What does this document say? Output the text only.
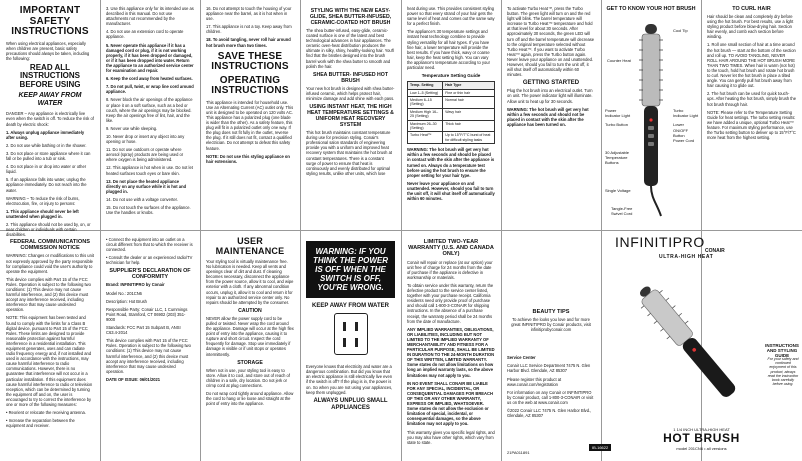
IMPORTANT SAFETY INSTRUCTIONS

When using electrical appliances, especially when children are present, basic safety precautions should always be taken, including the following:

READ ALL INSTRUCTIONS BEFORE USING
KEEP AWAY FROM WATER

DANGER – Any appliance is electrically live even when the switch is off. To reduce the risk of death by electric shock:

1. Always unplug appliance immediately after using.

2. Do not use while bathing or in the shower.

3. Do not place or store appliance where it can fall or be pulled into a tub or sink.

4. Do not place in or drop into water or other liquid.

5. If an appliance falls into water, unplug the appliance immediately. Do not reach into the water.

WARNING – To reduce the risk of burns, electrocution, fire, or injury to persons:

1. This appliance should never be left unattended when plugged in.

2. This appliance should not be used by, on, or near children or individuals with certain disabilities.

3. Use this appliance only for its intended use as described in this manual. Do not use attachments not recommended by the manufacturer.

4. Do not use an extension cord to operate appliance.

5. Never operate this appliance if it has a damaged cord or plug, if it is not working properly, if it has been dropped or damaged, or if it has been dropped into water. Return the appliance to an authorized service center for examination and repair.

6. Keep the cord away from heated surfaces.

7. Do not pull, twist, or wrap line cord around appliance.

8. Never block the air openings of the appliance or place it on a soft surface, such as a bed or couch, where the air openings may be blocked. Keep the air openings free of lint, hair, and the like.

9. Never use while sleeping.

10. Never drop or insert any object into any opening or hose.

11. Do not use outdoors or operate where aerosol (spray) products are being used or where oxygen is being administered.

12. This appliance is hot when in use. Do not let heated surfaces touch eyes or bare skin.

13. Do not place the heated appliance directly on any surface while it is hot and plugged in.

14. Do not use with a voltage converter.

15. Do not touch the surfaces of the appliance. Use the handles or knobs.

16. Do not attempt to touch the housing of your appliance near the barrel, as it is hot when in use.

17. This appliance is not a toy. Keep away from children.

18. To avoid tangling, never roll hair around hot brush more than two times.

SAVE THESE INSTRUCTIONS
OPERATING INSTRUCTIONS

This appliance is intended for household use. Use an Alternating Current (AC) outlet only. This unit is designed to be operated on 120 volts AC. This appliance has a polarized plug (one blade is wider than the other). As a safety feature, this plug will fit in a polarized outlet only one way. If the plug does not fit fully in the outlet, reverse the plug. If it still does not fit, contact a qualified electrician. Do not attempt to defeat this safety feature.

NOTE: Do not use this styling appliance on hair extensions.

STYLING WITH THE NEW EASY-GLIDE, SHEA BUTTER-INFUSED, CERAMIC-COATED HOT BRUSH

The shea butter-infused, easy-glide, ceramic-coated surface is one of the latest and best technological advances in hair appliances. The ceramic oven-heat distribution produces the ultimate in silky, shiny, healthy-looking hair. You'll find that the bristles designed into the brush barrel work with the shea butter to smooth and polish the hair.

SHEA BUTTER- INFUSED HOT BRUSH

Your new hot brush is designed with shea butter-infused ceramic, which helps protect hair, minimize damage and add shine with each pass.

USING INSTANT HEAT, THE HIGH HEAT TEMPERATURE SETTINGS & UNIFORM HEAT RECOVERY SYSTEM

This hot brush maintains constant temperature during use for precision styling. Conair's professional salon standards of engineering provide you with a uniform and improved heat recovery system that maintains the hot brush at constant temperatures. There is a constant surge of power to ensure that heat is continuously and evenly distributed for optimal styling results, unlike other units, which lose

heat during use. This provides consistent styling power so that every strand of your hair gets the same level of heat and comes out the same way for a perfect finish.

The appliance's 30 temperature settings and instant heat technology combine to provide styling versatility for all hair types. If you have fine hair, a lower temperature will provide the best results. If you have thick, wavy or coarse hair, keep the heat setting high. You can vary the appliance's temperature according to your particular need.

Temperature Setting Guide
Temp. Setting	Hair Type
Low 1–5 (Setting)	Fine or thin hair
Medium 6–15 (Setting)	Normal hair
Medium High 16–25 (Setting)	Wavy hair
Maximum 26–30 (Setting)	Thick hair
Turbo Heat™	Up to 15°F/7°C burst of heat for difficult styling tasks

WARNING: The hot brush will get very hot within a few seconds and should be placed in contact with the skin after the appliance is turned on. Always do a temperature test before using the hot brush to ensure the proper setting for your hair type.

Never leave your appliance on and unattended. However, should you fail to turn the unit off, it will shut itself off automatically within 60 minutes.

To activate Turbo Heat™, press the Turbo button. The green light will turn on and the red light will blink. The barrel temperature will increase to Turbo Heat™ temperature and hold at that level for about 30 seconds. After approximately 30 seconds, the green LED will turn off and the barrel temperature will decrease to the original temperature selected without Turbo Heat™. If you want to activate Turbo Heat™ again, press the Turbo button again. Never leave your appliance on and unattended. However, should you fail to turn the unit off, it will shut itself off automatically within 60 minutes.

GETTING STARTED

Plug the hot brush into an electrical outlet. Turn on unit. The power indicator light will illuminate. Allow unit to heat up for 30 seconds.

WARNING: The hot brush will get very hot within a few seconds and should not be placed in contact with the skin after the appliance has been turned on.

GET TO KNOW YOUR HOT BRUSH
Cool Tip
Counter Heat
Power Indicator Light
Turbo Button
Turbo Indicator Light
Lower
ON/OFF Button
Power Cord
30 Adjustable Temperature Buttons
Single Voltage
Tangle-Free Swivel Cord
TO CURL HAIR

Hair should be clean and completely dry before using the hot brush. For best results, use a light styling product before blow-drying hair. Section hair evenly, and comb each section before winding.

1. Roll one small section of hair at a time around the hot brush — start at the bottom of the section and roll up. TO AVOID TANGLING, NEVER ROLL HAIR AROUND THE HOT BRUSH MORE THAN TWO TIMES. When hair is warm (not hot) to the touch, hold hot brush and rotate hot brush to curl. Never let the hot brush in place a tilted angle. You can gently pull hot brush away from hair causing it to glide out.

2. The hot brush can be used for quick touch-ups. After heating the hot brush, simply brush the hot brush through hair.

NOTE: Please refer to the Temperature Setting Guide for heat settings. The turbo setting results: we have added a unique, optional Turbo Heat™ feature. For maximum styling performance, use the Turbo setting button to deliver up to 15°F/7°C more heat from the highest setting.

FEDERAL COMMUNICATIONS COMMISSION NOTICE

WARNING: Changes or modifications to this unit not expressly approved by the party responsible for compliance could void the user's authority to operate the equipment.

This device complies with Part 15 of the FCC Rules. Operation is subject to the following two conditions: (1) This device may not cause harmful interference, and (2) this device must accept any interference received, including interference that may cause undesired operation.

NOTE: This equipment has been tested and found to comply with the limits for a Class B digital device, pursuant to Part 15 of the FCC Rules. These limits are designed to provide reasonable protection against harmful interference in a residential installation. This equipment generates, uses and can radiate radio frequency energy and, if not installed and used in accordance with the instructions, may cause harmful interference to radio communications. However, there is no guarantee that interference will not occur in a particular installation. If this equipment does cause harmful interference to radio or television reception, which can be determined by turning the equipment off and on, the user is encouraged to try to correct the interference by one or more of the following measures:

• Reorient or relocate the receiving antenna.

• Increase the separation between the equipment and receiver.

• Connect the equipment into an outlet on a circuit different from that to which the receiver is connected.

• Consult the dealer or an experienced radio/TV technician for help.

SUPPLIER'S DECLARATION OF CONFORMITY

Brand: INFINITIPRO by Conair

Model No.: 201CN6

Description: Hot Brush

Responsible Party: Conair LLC, 1 Cummings Point Road, Stamford, CT 06902 (203) 351-9000

Standards: FCC Part 15 Subpart B, ANSI C63.4-2014

This device complies with Part 15 of the FCC Rules. Operation is subject to the following two conditions: (1) This device may not cause harmful interference, and (2) this device must accept any interference received, including interference that may cause undesired operation.

DATE OF ISSUE: 06/01/2021

USER MAINTENANCE

Your styling tool is virtually maintenance free. No lubrication is needed. Keep all vents and openings clear of dirt and dust. If cleaning becomes necessary, disconnect the appliance from the power source, allow it to cool, and wipe exterior with a cloth. If any abnormal condition occurs, unplug it, allow it to cool and return it for repair to an authorized service center only. No repairs should be attempted by the consumer.

CAUTION

NEVER allow the power supply cord to be pulled or twisted. Never wrap the cord around the appliance. Damage will occur at the high flex point of entry into the appliance, causing it to rupture and short circuit. Inspect the cord frequently for damage. Stop use immediately if damage is visible or if unit stops or operates intermittently.

STORAGE

When not in use, your styling tool is easy to store. Allow it to cool, and store out of reach of children in a safe, dry location. Do not jerk or crimp cord at plug connections.

Do not wrap cord tightly around appliance. Allow the cord to hang or lie loose and straight at the point of entry into the appliance.

WARNING: IF YOU THINK THE POWER IS OFF WHEN THE SWITCH IS OFF, YOU'RE WRONG.
KEEP AWAY FROM WATER

Everyone knows that electricity and water are a dangerous combination. But did you know that an electric appliance is still electrically live even if the switch is off? If the plug is in, the power is on. So when you are not using your appliances, keep them unplugged.

ALWAYS UNPLUG SMALL APPLIANCES
LIMITED TWO-YEAR WARRANTY (U.S. AND CANADA ONLY)

Conair will repair or replace (at our option) your unit free of charge for 24 months from the date of purchase if the appliance is defective in workmanship or materials.

To obtain service under this warranty, return the defective product to the service center listed, together with your purchase receipt. California residents need only provide proof of purchase and should call 1-800-3-CONAIR for shipping instructions. In the absence of a purchase receipt, the warranty period shall be 24 months from the date of manufacture.

ANY IMPLIED WARRANTIES, OBLIGATIONS, OR LIABILITIES, INCLUDING BUT NOT LIMITED TO THE IMPLIED WARRANTY OF MERCHANTABILITY AND FITNESS FOR A PARTICULAR PURPOSE, SHALL BE LIMITED IN DURATION TO THE 24-MONTH DURATION OF THIS WRITTEN, LIMITED WARRANTY. Some states do not allow limitations on how long an implied warranty lasts, so the above limitations may not apply to you.

IN NO EVENT SHALL CONAIR BE LIABLE FOR ANY SPECIAL, INCIDENTAL, OR CONSEQUENTIAL DAMAGES FOR BREACH OF THIS OR ANY OTHER WARRANTY, EXPRESS OR IMPLIED, WHATSOEVER. Some states do not allow the exclusion or limitation of special, incidental, or consequential damages, so the above limitation may not apply to you.

This warranty gives you specific legal rights, and you may also have other rights, which vary from state to state.

BEAUTY TIPS

To achieve the looks you love and for more great INFINITIPRO by Conair products, visit infinitiprobyconair.com

Service Center

Conair LLC Service Department 7475 N. Glen Harbor Blvd. Glendale, AZ 85307

Please register this product at www.conair.com/registration

For information on any Conair or INFINITIPRO by Conair product, call 1-800-3-CONAIR or visit us on the web at www.conair.com

©2022 Conair LLC 7475 N. Glen Harbor Blvd., Glendale, AZ 85307

21PA011891
INFINITIPRO
CONAIR
ULTRA-HIGH HEAT
INSTRUCTIONS AND STYLING GUIDE
For your safety and continued enjoyment of this product, always read the instruction book carefully before using.
1 1/4 INCH ULTRA-HIGH HEAT
HOT BRUSH
model 201CN6 • all versions
IB-16622
